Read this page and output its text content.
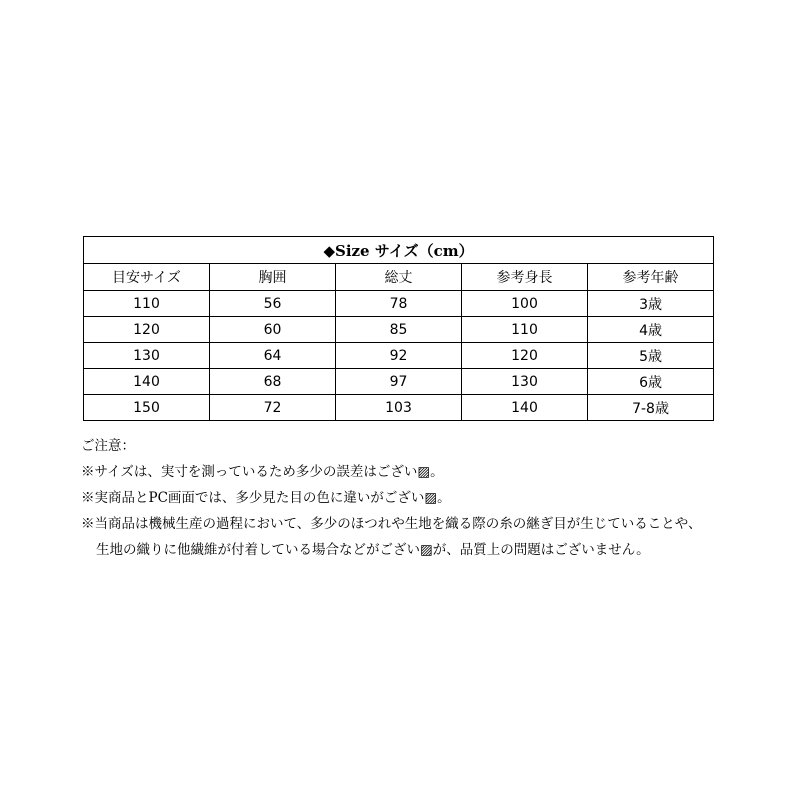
◆Size サイズ（cm）				
目安サイズ	胸囲	総丈	参考身長	参考年齢
110	56	78	100	3歳
120	60	85	110	4歳
130	64	92	120	5歳
140	68	97	130	6歳
150	72	103	140	7-8歳
ご注意：
※サイズは、実寸を測っているため多少の誤差はござい▨。
※実商品とPC画面では、多少見た目の色に違いがござい▨。
※当商品は機械生産の過程において、多少のほつれや生地を織る際の糸の継ぎ目が生じていることや、
生地の織りに他繊維が付着している場合などがござい▨が、品質上の問題はございません。
